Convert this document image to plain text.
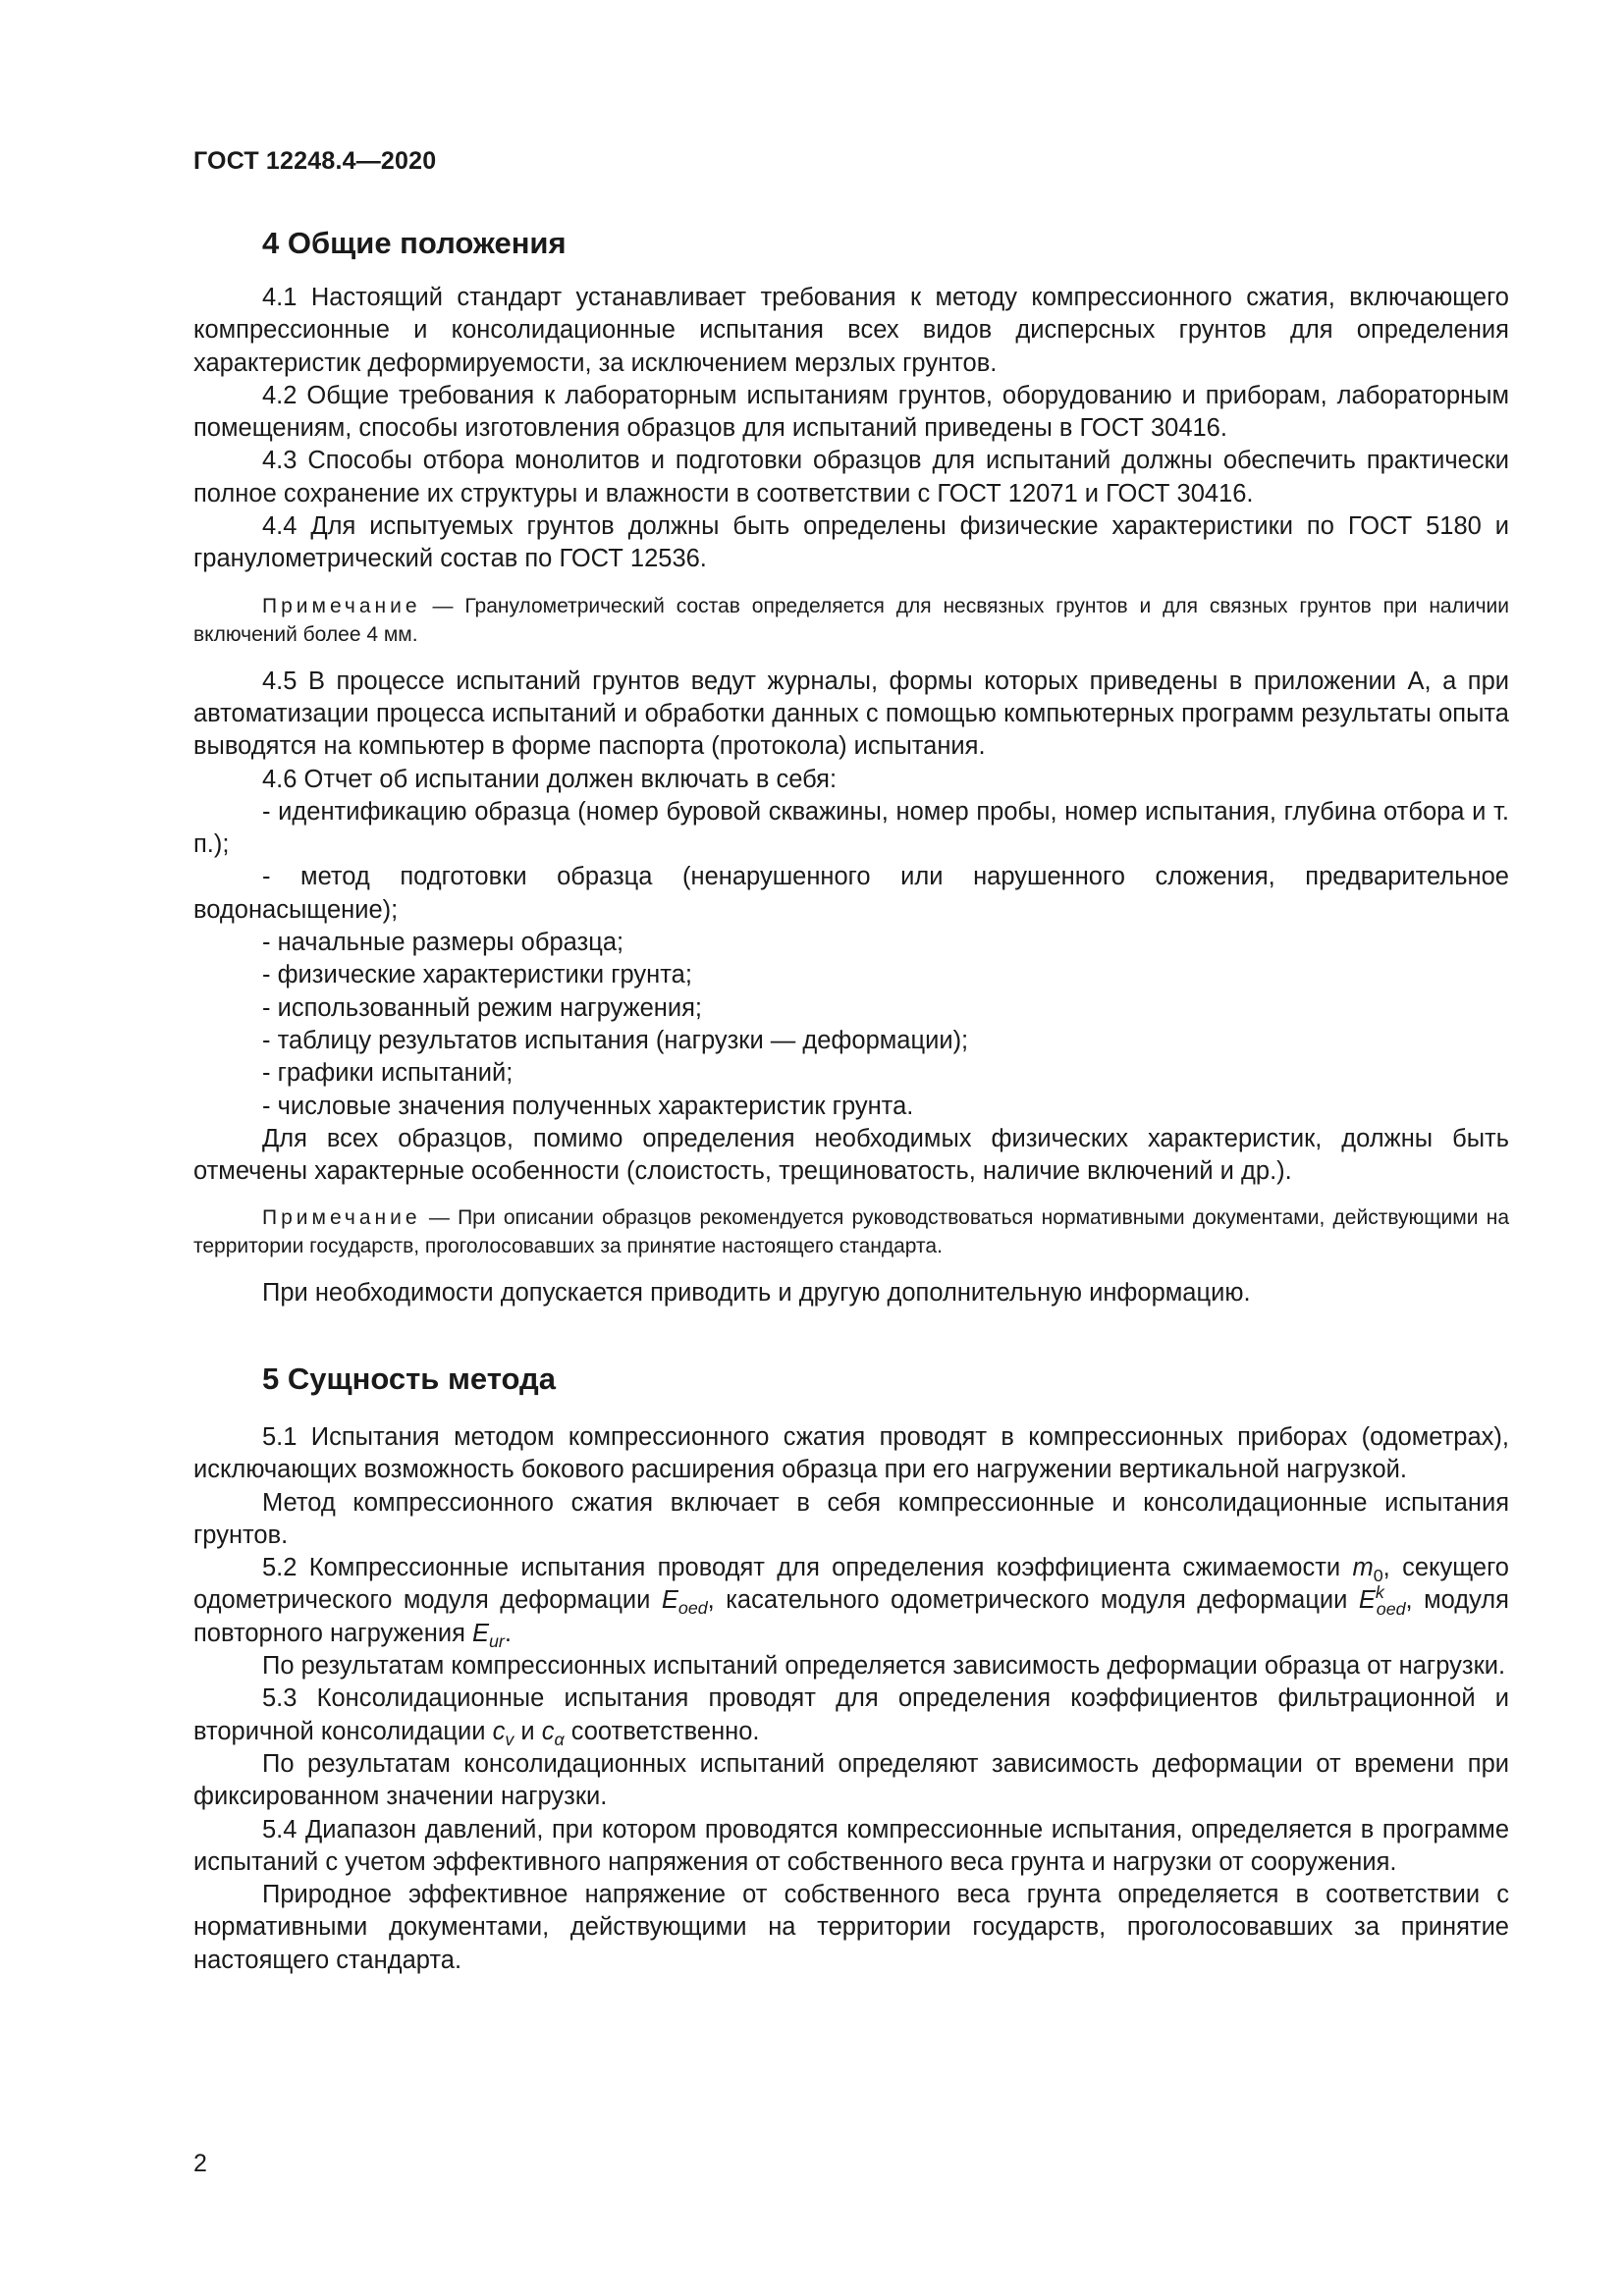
ГОСТ 12248.4—2020
4 Общие положения

4.1 Настоящий стандарт устанавливает требования к методу компрессионного сжатия, включающего компрессионные и консолидационные испытания всех видов дисперсных грунтов для определения характеристик деформируемости, за исключением мерзлых грунтов.

4.2 Общие требования к лабораторным испытаниям грунтов, оборудованию и приборам, лабораторным помещениям, способы изготовления образцов для испытаний приведены в ГОСТ 30416.

4.3 Способы отбора монолитов и подготовки образцов для испытаний должны обеспечить практически полное сохранение их структуры и влажности в соответствии с ГОСТ 12071 и ГОСТ 30416.

4.4 Для испытуемых грунтов должны быть определены физические характеристики по ГОСТ 5180 и гранулометрический состав по ГОСТ 12536.

Примечание — Гранулометрический состав определяется для несвязных грунтов и для связных грунтов при наличии включений более 4 мм.

4.5 В процессе испытаний грунтов ведут журналы, формы которых приведены в приложении А, а при автоматизации процесса испытаний и обработки данных с помощью компьютерных программ результаты опыта выводятся на компьютер в форме паспорта (протокола) испытания.

4.6 Отчет об испытании должен включать в себя:

- идентификацию образца (номер буровой скважины, номер пробы, номер испытания, глубина отбора и т. п.);

- метод подготовки образца (ненарушенного или нарушенного сложения, предварительное водонасыщение);

- начальные размеры образца;

- физические характеристики грунта;

- использованный режим нагружения;

- таблицу результатов испытания (нагрузки — деформации);

- графики испытаний;

- числовые значения полученных характеристик грунта.

Для всех образцов, помимо определения необходимых физических характеристик, должны быть отмечены характерные особенности (слоистость, трещиноватость, наличие включений и др.).

Примечание — При описании образцов рекомендуется руководствоваться нормативными документами, действующими на территории государств, проголосовавших за принятие настоящего стандарта.

При необходимости допускается приводить и другую дополнительную информацию.

5 Сущность метода

5.1 Испытания методом компрессионного сжатия проводят в компрессионных приборах (одометрах), исключающих возможность бокового расширения образца при его нагружении вертикальной нагрузкой.

Метод компрессионного сжатия включает в себя компрессионные и консолидационные испытания грунтов.

5.2 Компрессионные испытания проводят для определения коэффициента сжимаемости $m_0$, секущего одометрического модуля деформации $E_{oed}$, касательного одометрического модуля деформации $E^k_{oed}$, модуля повторного нагружения $E_{ur}$.

По результатам компрессионных испытаний определяется зависимость деформации образца от нагрузки.

5.3 Консолидационные испытания проводят для определения коэффициентов фильтрационной и вторичной консолидации $c_v$ и $c_\alpha$ соответственно.

По результатам консолидационных испытаний определяют зависимость деформации от времени при фиксированном значении нагрузки.

5.4 Диапазон давлений, при котором проводятся компрессионные испытания, определяется в программе испытаний с учетом эффективного напряжения от собственного веса грунта и нагрузки от сооружения.

Природное эффективное напряжение от собственного веса грунта определяется в соответствии с нормативными документами, действующими на территории государств, проголосовавших за принятие настоящего стандарта.

2
